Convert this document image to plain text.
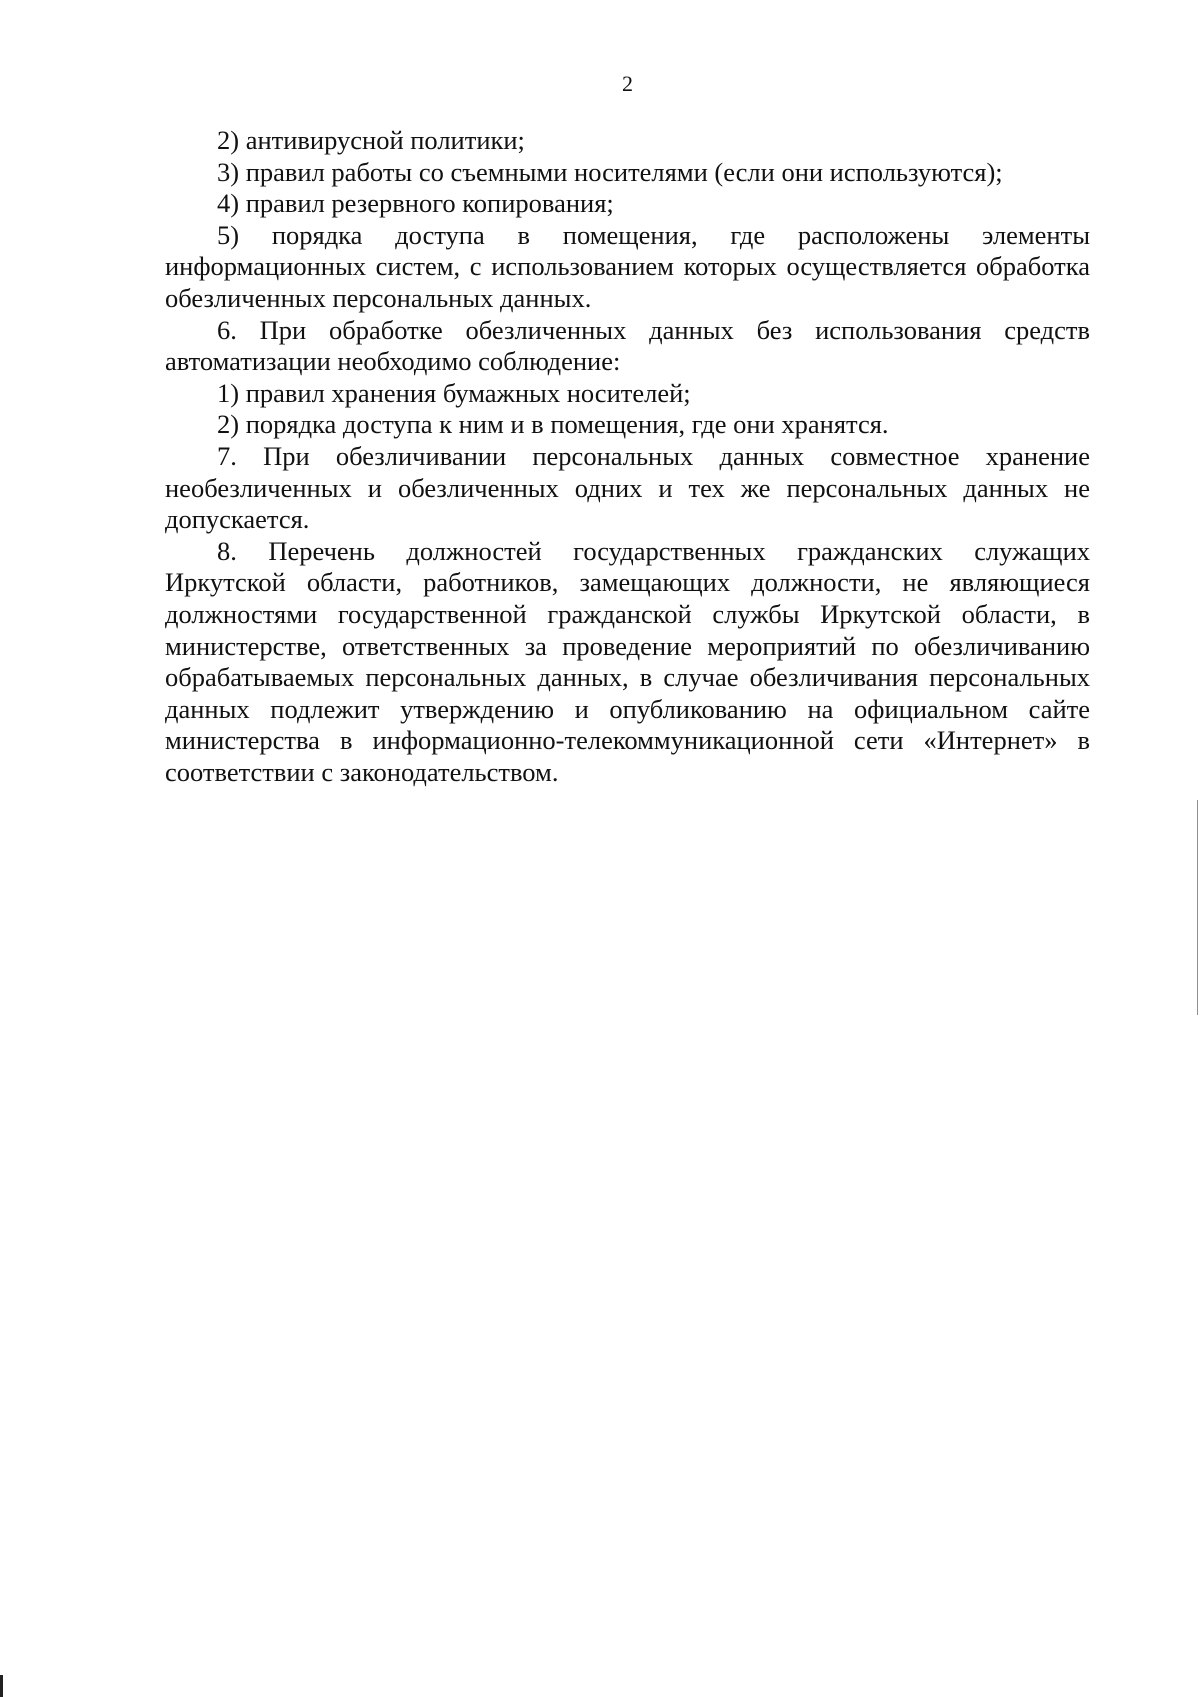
2

2) антивирусной политики;

3) правил работы со съемными носителями (если они используются);

4) правил резервного копирования;

5) порядка доступа в помещения, где расположены элементы информационных систем, с использованием которых осуществляется обработка обезличенных персональных данных.

6. При обработке обезличенных данных без использования средств автоматизации необходимо соблюдение:

1) правил хранения бумажных носителей;

2) порядка доступа к ним и в помещения, где они хранятся.

7. При обезличивании персональных данных совместное хранение необезличенных и обезличенных одних и тех же персональных данных не допускается.

8. Перечень должностей государственных гражданских служащих Иркутской области, работников, замещающих должности, не являющиеся должностями государственной гражданской службы Иркутской области, в министерстве, ответственных за проведение мероприятий по обезличиванию обрабатываемых персональных данных, в случае обезличивания персональных данных подлежит утверждению и опубликованию на официальном сайте министерства в информационно-телекоммуникационной сети «Интернет» в соответствии с законодательством.
